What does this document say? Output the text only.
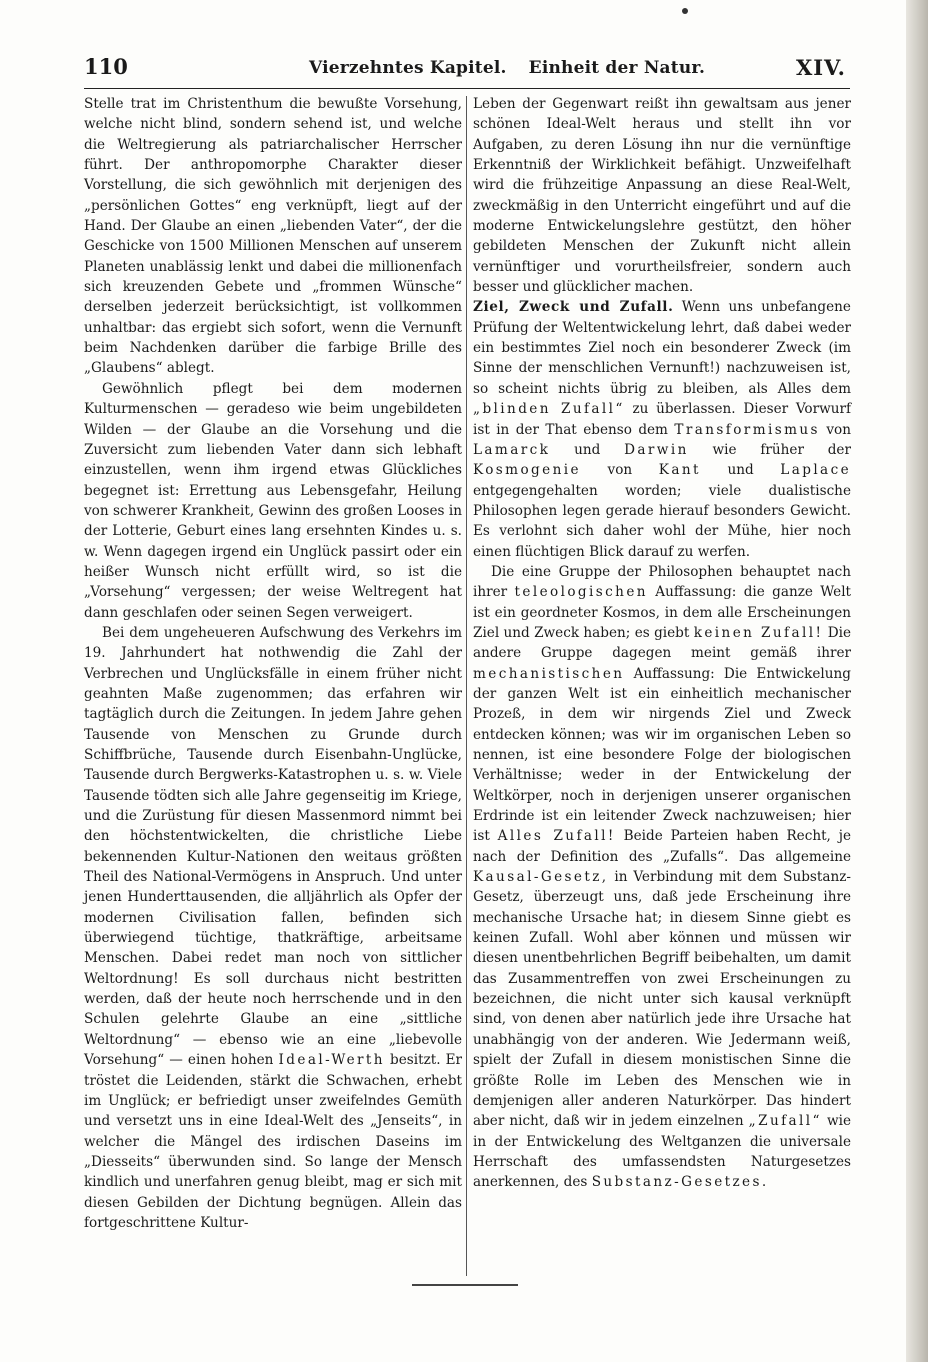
110	Vierzehntes Kapitel. Einheit der Natur.	XIV.

Stelle trat im Christenthum die bewußte Vorsehung, welche nicht blind, sondern sehend ist, und welche die Weltregierung als patriarchalischer Herrscher führt. Der anthropomorphe Charakter dieser Vorstellung, die sich gewöhnlich mit derjenigen des „persönlichen Gottes“ eng verknüpft, liegt auf der Hand. Der Glaube an einen „liebenden Vater“, der die Geschicke von 1500 Millionen Menschen auf unserem Planeten unablässig lenkt und dabei die millionenfach sich kreuzenden Gebete und „frommen Wünsche“ derselben jederzeit berücksichtigt, ist vollkommen unhaltbar: das ergiebt sich sofort, wenn die Vernunft beim Nachdenken darüber die farbige Brille des „Glaubens“ ablegt.

Gewöhnlich pflegt bei dem modernen Kulturmenschen — geradeso wie beim ungebildeten Wilden — der Glaube an die Vorsehung und die Zuversicht zum liebenden Vater dann sich lebhaft einzustellen, wenn ihm irgend etwas Glückliches begegnet ist: Errettung aus Lebensgefahr, Heilung von schwerer Krankheit, Gewinn des großen Looses in der Lotterie, Geburt eines lang ersehnten Kindes u. s. w. Wenn dagegen irgend ein Unglück passirt oder ein heißer Wunsch nicht erfüllt wird, so ist die „Vorsehung“ vergessen; der weise Weltregent hat dann geschlafen oder seinen Segen verweigert.

Bei dem ungeheueren Aufschwung des Verkehrs im 19. Jahrhundert hat nothwendig die Zahl der Verbrechen und Unglücksfälle in einem früher nicht geahnten Maße zugenommen; das erfahren wir tagtäglich durch die Zeitungen. In jedem Jahre gehen Tausende von Menschen zu Grunde durch Schiffbrüche, Tausende durch Eisenbahn-Unglücke, Tausende durch Bergwerks-Katastrophen u. s. w. Viele Tausende tödten sich alle Jahre gegenseitig im Kriege, und die Zurüstung für diesen Massenmord nimmt bei den höchstentwickelten, die christliche Liebe bekennenden Kultur-Nationen den weitaus größten Theil des National-Vermögens in Anspruch. Und unter jenen Hunderttausenden, die alljährlich als Opfer der modernen Civilisation fallen, befinden sich überwiegend tüchtige, thatkräftige, arbeitsame Menschen. Dabei redet man noch von sittlicher Weltordnung! Es soll durchaus nicht bestritten werden, daß der heute noch herrschende und in den Schulen gelehrte Glaube an eine „sittliche Weltordnung“ — ebenso wie an eine „liebevolle Vorsehung“ — einen hohen Ideal-Werth besitzt. Er tröstet die Leidenden, stärkt die Schwachen, erhebt im Unglück; er befriedigt unser zweifelndes Gemüth und versetzt uns in eine Ideal-Welt des „Jenseits“, in welcher die Mängel des irdischen Daseins im „Diesseits“ überwunden sind. So lange der Mensch kindlich und unerfahren genug bleibt, mag er sich mit diesen Gebilden der Dichtung begnügen. Allein das fortgeschrittene Kultur-

Leben der Gegenwart reißt ihn gewaltsam aus jener schönen Ideal-Welt heraus und stellt ihn vor Aufgaben, zu deren Lösung ihn nur die vernünftige Erkenntniß der Wirklichkeit befähigt. Unzweifelhaft wird die frühzeitige Anpassung an diese Real-Welt, zweckmäßig in den Unterricht eingeführt und auf die moderne Entwickelungslehre gestützt, den höher gebildeten Menschen der Zukunft nicht allein vernünftiger und vorurtheilsfreier, sondern auch besser und glücklicher machen.

Ziel, Zweck und Zufall. Wenn uns unbefangene Prüfung der Weltentwickelung lehrt, daß dabei weder ein bestimmtes Ziel noch ein besonderer Zweck (im Sinne der menschlichen Vernunft!) nachzuweisen ist, so scheint nichts übrig zu bleiben, als Alles dem „blinden Zufall“ zu überlassen. Dieser Vorwurf ist in der That ebenso dem Transformismus von Lamarck und Darwin wie früher der Kosmogenie von Kant und Laplace entgegengehalten worden; viele dualistische Philosophen legen gerade hierauf besonders Gewicht. Es verlohnt sich daher wohl der Mühe, hier noch einen flüchtigen Blick darauf zu werfen.

Die eine Gruppe der Philosophen behauptet nach ihrer teleologischen Auffassung: die ganze Welt ist ein geordneter Kosmos, in dem alle Erscheinungen Ziel und Zweck haben; es giebt keinen Zufall! Die andere Gruppe dagegen meint gemäß ihrer mechanistischen Auffassung: Die Entwickelung der ganzen Welt ist ein einheitlich mechanischer Prozeß, in dem wir nirgends Ziel und Zweck entdecken können; was wir im organischen Leben so nennen, ist eine besondere Folge der biologischen Verhältnisse; weder in der Entwickelung der Weltkörper, noch in derjenigen unserer organischen Erdrinde ist ein leitender Zweck nachzuweisen; hier ist Alles Zufall! Beide Parteien haben Recht, je nach der Definition des „Zufalls“. Das allgemeine Kausal-Gesetz, in Verbindung mit dem Substanz-Gesetz, überzeugt uns, daß jede Erscheinung ihre mechanische Ursache hat; in diesem Sinne giebt es keinen Zufall. Wohl aber können und müssen wir diesen unentbehrlichen Begriff beibehalten, um damit das Zusammentreffen von zwei Erscheinungen zu bezeichnen, die nicht unter sich kausal verknüpft sind, von denen aber natürlich jede ihre Ursache hat unabhängig von der anderen. Wie Jedermann weiß, spielt der Zufall in diesem monistischen Sinne die größte Rolle im Leben des Menschen wie in demjenigen aller anderen Naturkörper. Das hindert aber nicht, daß wir in jedem einzelnen „Zufall“ wie in der Entwickelung des Weltganzen die universale Herrschaft des umfassendsten Naturgesetzes anerkennen, des Substanz-Gesetzes.
